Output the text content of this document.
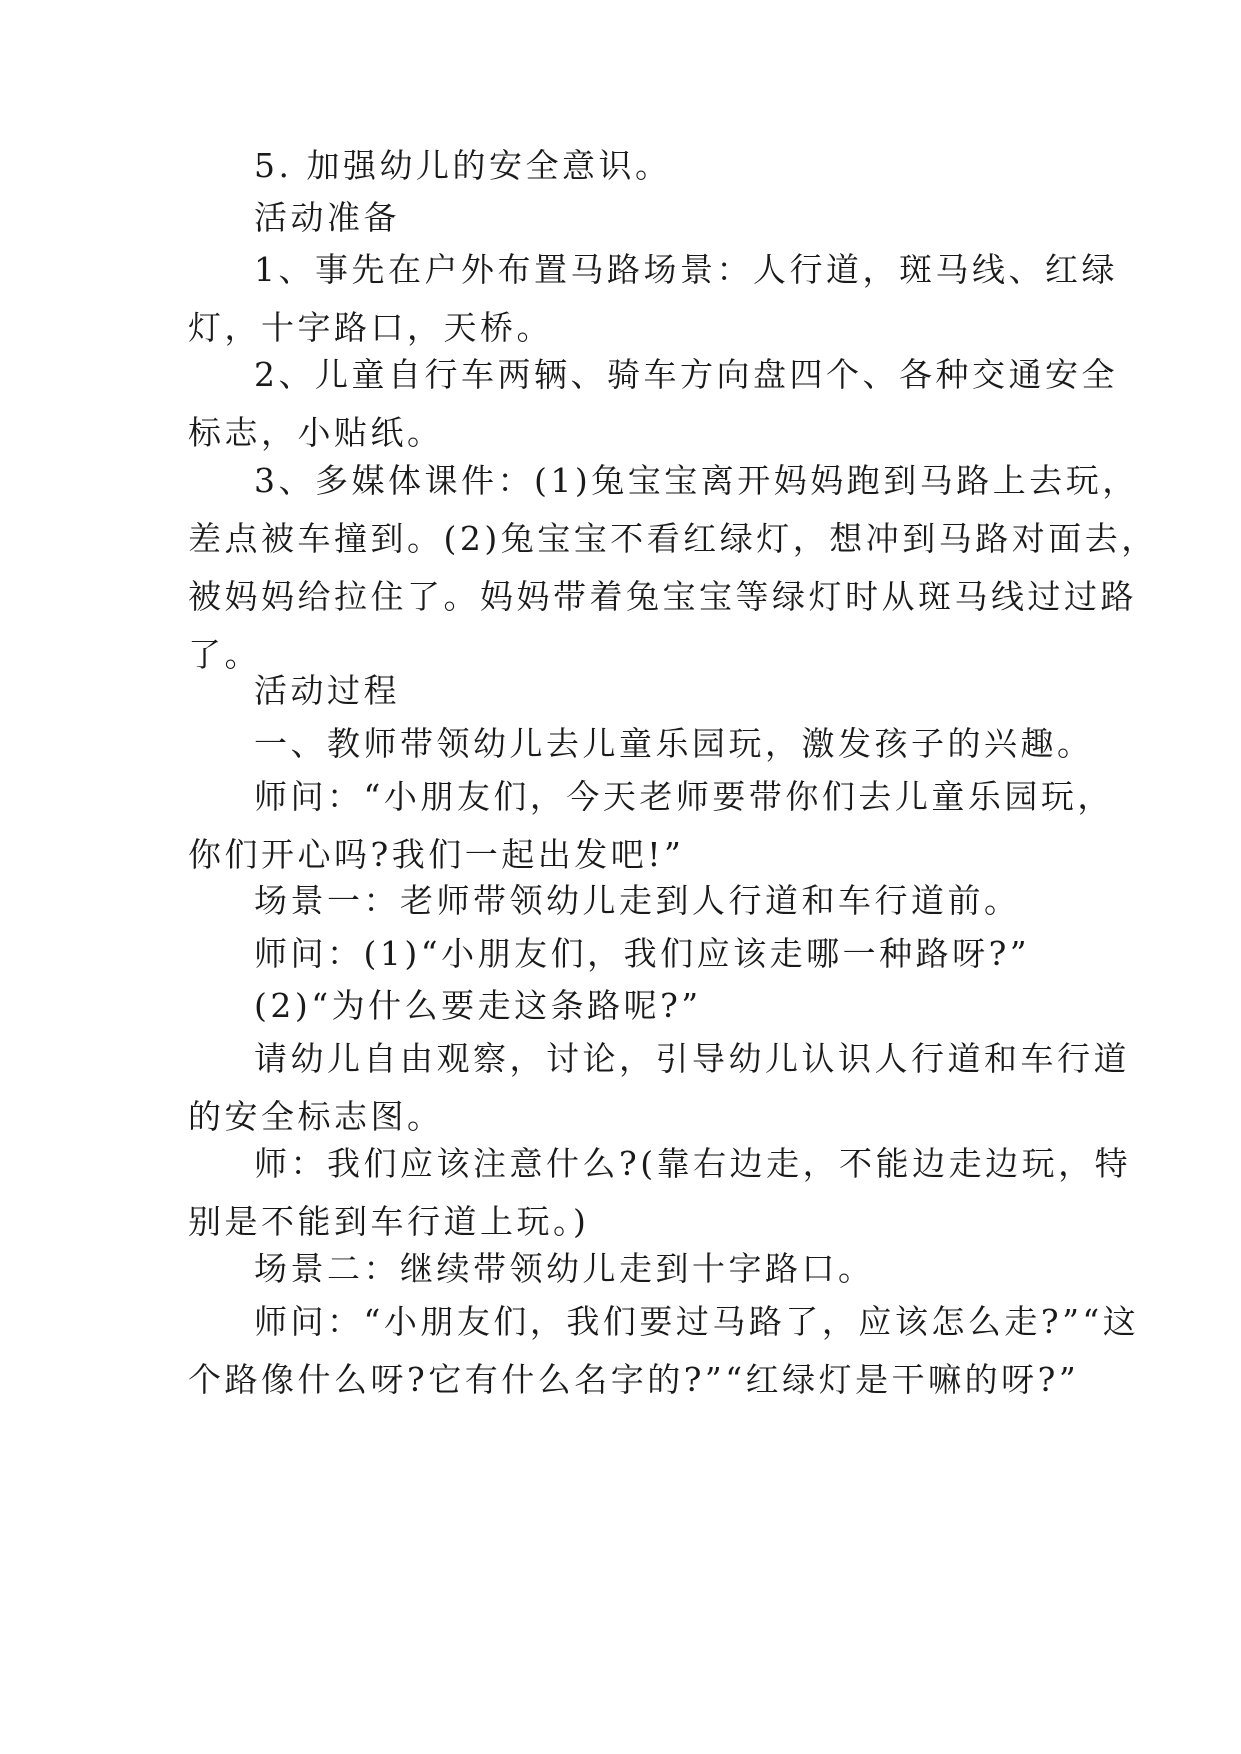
5. 加强幼儿的安全意识。

活动准备

1、事先在户外布置马路场景：人行道，斑马线、红绿
灯，十字路口，天桥。

2、儿童自行车两辆、骑车方向盘四个、各种交通安全
标志，小贴纸。

3、多媒体课件：(1)兔宝宝离开妈妈跑到马路上去玩，
差点被车撞到。(2)兔宝宝不看红绿灯，想冲到马路对面去，
被妈妈给拉住了。妈妈带着兔宝宝等绿灯时从斑马线过过路
了。

活动过程

一、教师带领幼儿去儿童乐园玩，激发孩子的兴趣。

师问：“小朋友们，今天老师要带你们去儿童乐园玩，
你们开心吗?我们一起出发吧!”

场景一：老师带领幼儿走到人行道和车行道前。

师问：(1)“小朋友们，我们应该走哪一种路呀?”

(2)“为什么要走这条路呢?”

请幼儿自由观察，讨论，引导幼儿认识人行道和车行道
的安全标志图。

师：我们应该注意什么?(靠右边走，不能边走边玩，特
别是不能到车行道上玩。)

场景二：继续带领幼儿走到十字路口。

师问：“小朋友们，我们要过马路了，应该怎么走?”“这
个路像什么呀?它有什么名字的?”“红绿灯是干嘛的呀?”
